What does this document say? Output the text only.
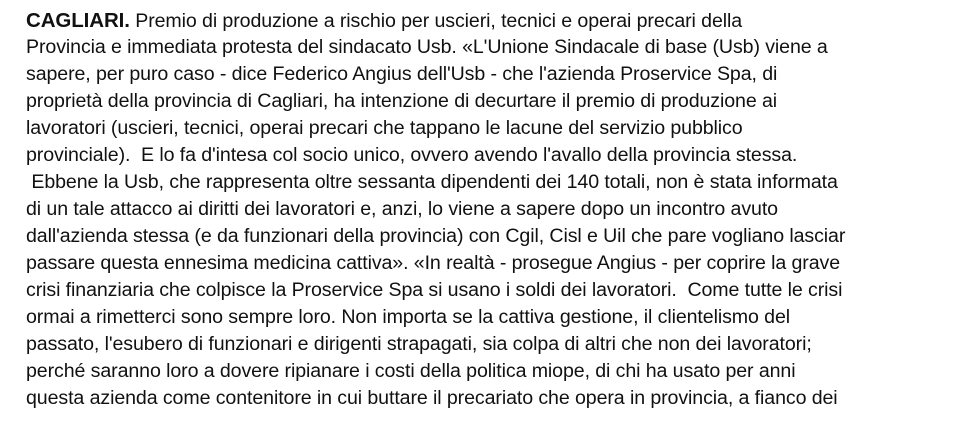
CAGLIARI. Premio di produzione a rischio per uscieri, tecnici e operai precari della
Provincia e immediata protesta del sindacato Usb. «L'Unione Sindacale di base (Usb) viene a
sapere, per puro caso - dice Federico Angius dell'Usb - che l'azienda Proservice Spa, di
proprietà della provincia di Cagliari, ha intenzione di decurtare il premio di produzione ai
lavoratori (uscieri, tecnici, operai precari che tappano le lacune del servizio pubblico
provinciale).  E lo fa d'intesa col socio unico, ovvero avendo l'avallo della provincia stessa.
Ebbene la Usb, che rappresenta oltre sessanta dipendenti dei 140 totali, non è stata informata
di un tale attacco ai diritti dei lavoratori e, anzi, lo viene a sapere dopo un incontro avuto
dall'azienda stessa (e da funzionari della provincia) con Cgil, Cisl e Uil che pare vogliano lasciar
passare questa ennesima medicina cattiva». «In realtà - prosegue Angius - per coprire la grave
crisi finanziaria che colpisce la Proservice Spa si usano i soldi dei lavoratori.  Come tutte le crisi
ormai a rimetterci sono sempre loro. Non importa se la cattiva gestione, il clientelismo del
passato, l'esubero di funzionari e dirigenti strapagati, sia colpa di altri che non dei lavoratori;
perché saranno loro a dovere ripianare i costi della politica miope, di chi ha usato per anni
questa azienda come contenitore in cui buttare il precariato che opera in provincia, a fianco dei
